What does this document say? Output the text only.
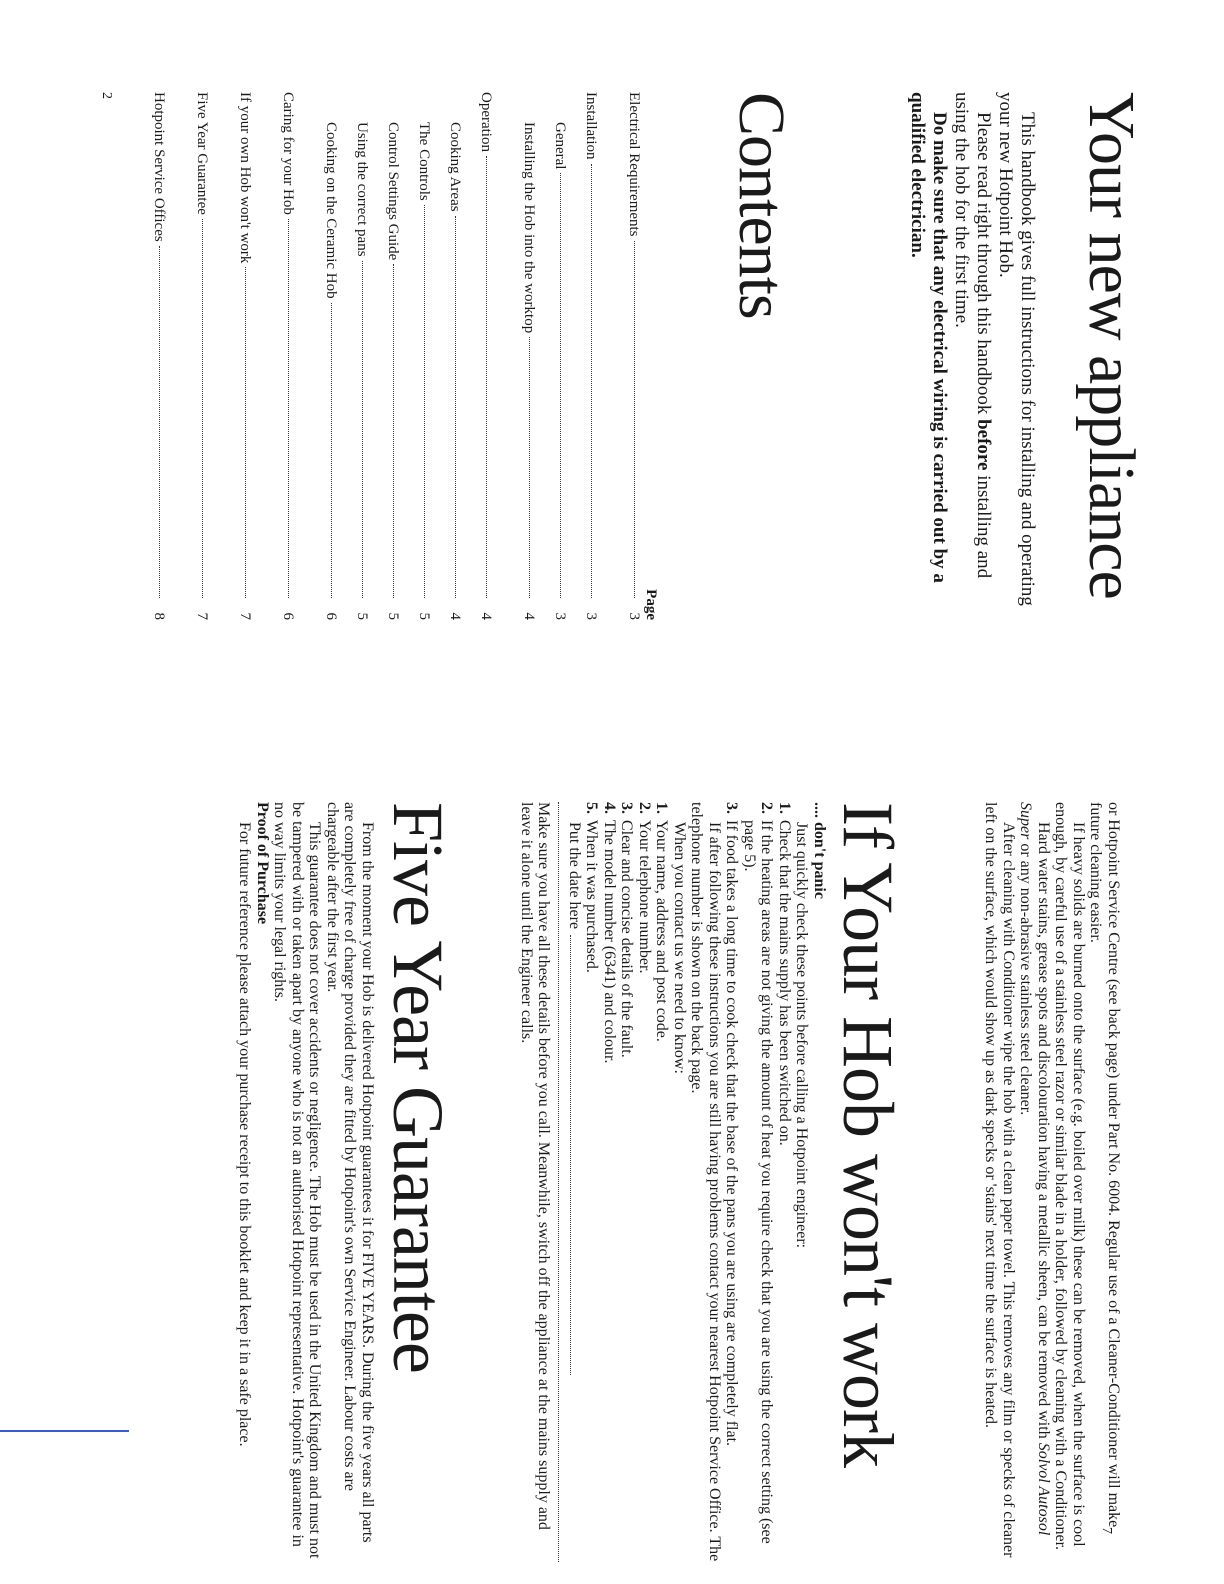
Your new appliance

This handbook gives full instructions for installing and operating your new Hotpoint Hob.

Please read right through this handbook before installing and using the hob for the first time.

Do make sure that any electrical wiring is carried out by a qualified electrician.

Contents
Page
Electrical Requirements
3
Installation
3
General
3
Installing the Hob into the worktop
4
Operation
4
Cooking Areas
4
The Controls
5
Control Settings Guide
5
Using the correct pans
5
Cooking on the Ceramic Hob
6
Caring for your Hob
6
If your own Hob won't work
7
Five Year Guarantee
7
Hotpoint Service Offices
8
2

or Hotpoint Service Centre (see back page) under Part No. 6004. Regular use of a Cleaner-Conditioner will make future cleaning easier.

If heavy solids are burned onto the surface (e.g. boiled over milk) these can be removed, when the surface is cool enough, by careful use of a stainless steel razor or similar blade in a holder, followed by cleaning with a Conditioner.

Hard water stains, grease spots and discolouration having a metallic sheen, can be removed with Solvol Autosol Super or any non-abrasive stainless steel cleaner.

After cleaning with Conditioner wipe the hob with a clean paper towel. This removes any film or specks of cleaner left on the surface, which would show up as dark specks or 'stains' next time the surface is heated.

If Your Hob won't work

.... don't panic

Just quickly check these points before calling a Hotpoint engineer:

1.
Check that the mains supply has been switched on.
2.
If the heating areas are not giving the amount of heat you require check that you are using the correct setting (see page 5).
3.
If food takes a long time to cook check that the base of the pans you are using are completely flat.

If after following these instructions you are still having problems contact your nearest Hotpoint Service Office. The telephone number is shown on the back page.

When you contact us we need to know:

1.
Your name, address and post code.
2.
Your telephone number.
3.
Clear and concise details of the fault.
4.
The model number (6341) and colour.
5.
When it was purchased.

Put the date here

Make sure you have all these details before you call. Meanwhile, switch off the appliance at the mains supply and leave it alone until the Engineer calls.

Five Year Guarantee

From the moment your Hob is delivered Hotpoint guarantees it for FIVE YEARS. During the five years all parts are completely free of charge provided they are fitted by Hotpoint's own Service Engineer. Labour costs are chargeable after the first year.

This guarantee does not cover accidents or negligence. The Hob must be used in the United Kingdom and must not be tampered with or taken apart by anyone who is not an authorised Hotpoint representative. Hotpoint's guarantee in no way limits your legal rights.

Proof of Purchase

For future reference please attach your purchase receipt to this booklet and keep it in a safe place.

7
